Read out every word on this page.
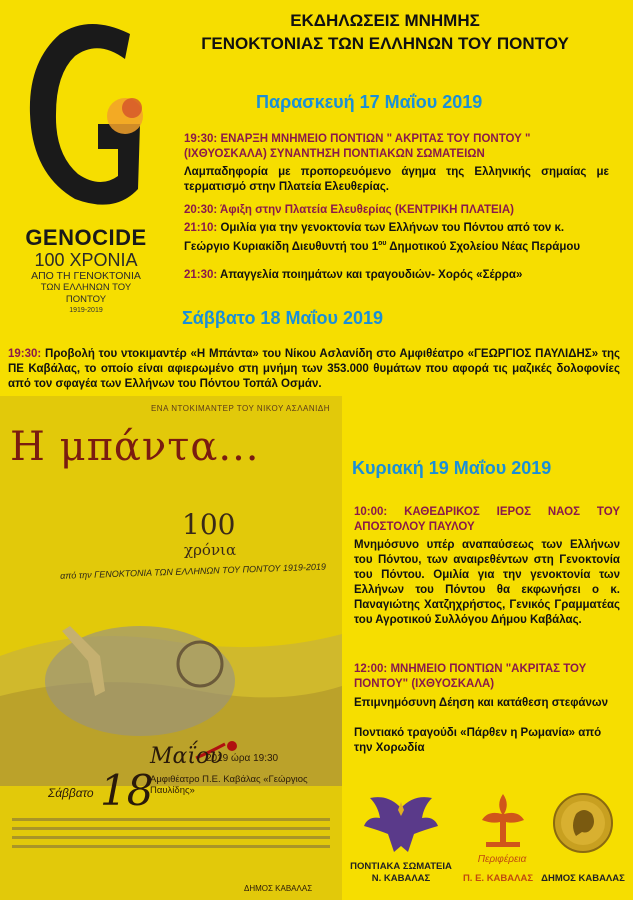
ΕΚΔΗΛΩΣΕΙΣ ΜΝΗΜΗΣ
ΓΕΝΟΚΤΟΝΙΑΣ ΤΩΝ ΕΛΛΗΝΩΝ ΤΟΥ ΠΟΝΤΟΥ
GENOCIDE
100 ΧΡΟΝΙΑ
ΑΠΟ ΤΗ ΓΕΝΟΚΤΟΝΙΑ
ΤΩΝ ΕΛΛΗΝΩΝ ΤΟΥ ΠΟΝΤΟΥ
1919-2019
Παρασκευή 17 Μαΐου 2019
19:30: ΕΝΑΡΞΗ ΜΝΗΜΕΙΟ ΠΟΝΤΙΩΝ " ΑΚΡΙΤΑΣ ΤΟΥ ΠΟΝΤΟΥ " (ΙΧΘΥΟΣΚΑΛΑ) ΣΥΝΑΝΤΗΣΗ ΠΟΝΤΙΑΚΩΝ ΣΩΜΑΤΕΙΩΝ
Λαμπαδηφορία με προπορευόμενο άγημα της Ελληνικής σημαίας με τερματισμό στην Πλατεία Ελευθερίας.
20:30: Άφιξη στην Πλατεία Ελευθερίας (ΚΕΝΤΡΙΚΗ ΠΛΑΤΕΙΑ)
21:10: Ομιλία για την γενοκτονία των Ελλήνων του Πόντου από τον κ. Γεώργιο Κυριακίδη Διευθυντή του $1^{o\upsilon}$ Δημοτικού Σχολείου Νέας Περάμου
21:30: Απαγγελία ποιημάτων και τραγουδιών- Χορός «Σέρρα»
Σάββατο 18 Μαΐου 2019
19:30: Προβολή του ντοκιμαντέρ «Η Μπάντα» του Νίκου Ασλανίδη στο Αμφιθέατρο «ΓΕΩΡΓΙΟΣ ΠΑΥΛΙΔΗΣ» της ΠΕ Καβάλας, το οποίο είναι αφιερωμένο στη μνήμη των 353.000 θυμάτων που αφορά τις μαζικές δολοφονίες από τον σφαγέα των Ελλήνων του Πόντου Τοπάλ Οσμάν.
ΕΝΑ ΝΤΟΚΙΜΑΝΤΕΡ ΤΟΥ ΝΙΚΟΥ ΑΣΛΑΝΙΔΗ
Η μπάντα...
100
χρόνια
από την ΓΕΝΟΚΤΟΝΙΑ ΤΩΝ ΕΛΛΗΝΩΝ ΤΟΥ ΠΟΝΤΟΥ 1919-2019
Σάββατο 18
Μαΐου
2019 ώρα 19:30
Αμφιθέατρο Π.Ε. Καβάλας «Γεώργιος Παυλίδης»
ΔΗΜΟΣ ΚΑΒΑΛΑΣ
Κυριακή 19 Μαΐου 2019
10:00: ΚΑΘΕΔΡΙΚΟΣ ΙΕΡΟΣ ΝΑΟΣ ΤΟΥ ΑΠΟΣΤΟΛΟΥ ΠΑΥΛΟΥ
Μνημόσυνο υπέρ αναπαύσεως των Ελλήνων του Πόντου, των αναιρεθέντων στη Γενοκτονία του Πόντου. Ομιλία για την γενοκτονία των Ελλήνων του Πόντου θα εκφωνήσει ο κ. Παναγιώτης Χατζηχρήστος, Γενικός Γραμματέας του Αγροτικού Συλλόγου Δήμου Καβάλας.
12:00: ΜΝΗΜΕΙΟ ΠΟΝΤΙΩΝ "ΑΚΡΙΤΑΣ ΤΟΥ ΠΟΝΤΟΥ" (ΙΧΘΥΟΣΚΑΛΑ)
Επιμνημόσυνη Δέηση και κατάθεση στεφάνων
Ποντιακό τραγούδι «Πάρθεν η Ρωμανία» από την Χορωδία
ΠΟΝΤΙΑΚΑ ΣΩΜΑΤΕΙΑ
Ν. ΚΑΒΑΛΑΣ
Περιφέρεια
Π. Ε. ΚΑΒΑΛΑΣ ΔΗΜΟΣ ΚΑΒΑΛΑΣ
